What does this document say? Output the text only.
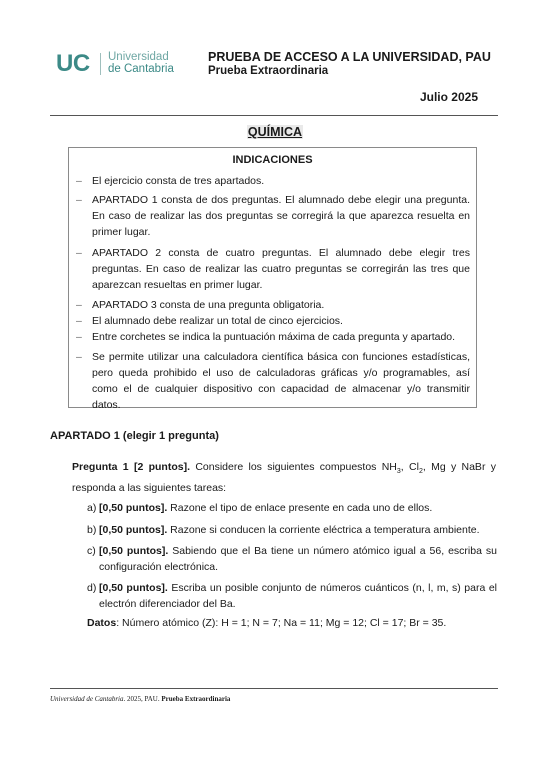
UC Universidad
de Cantabria
PRUEBA DE ACCESO A LA UNIVERSIDAD, PAU
Prueba Extraordinaria
Julio 2025
QUÍMICA
INDICACIONES
– El ejercicio consta de tres apartados.
– APARTADO 1 consta de dos preguntas. El alumnado debe elegir una pregunta. En caso de realizar las dos preguntas se corregirá la que aparezca resuelta en primer lugar.
– APARTADO 2 consta de cuatro preguntas. El alumnado debe elegir tres preguntas. En caso de realizar las cuatro preguntas se corregirán las tres que aparezcan resueltas en primer lugar.
– APARTADO 3 consta de una pregunta obligatoria.
– El alumnado debe realizar un total de cinco ejercicios.
– Entre corchetes se indica la puntuación máxima de cada pregunta y apartado.
– Se permite utilizar una calculadora científica básica con funciones estadísticas, pero queda prohibido el uso de calculadoras gráficas y/o programables, así como el de cualquier dispositivo con capacidad de almacenar y/o transmitir datos.
APARTADO 1 (elegir 1 pregunta)
Pregunta 1 [2 puntos]. Considere los siguientes compuestos $NH_3$, $Cl_2$, Mg y NaBr y responda a las siguientes tareas:
a) [0,50 puntos]. Razone el tipo de enlace presente en cada uno de ellos.
b) [0,50 puntos]. Razone si conducen la corriente eléctrica a temperatura ambiente.
c) [0,50 puntos]. Sabiendo que el Ba tiene un número atómico igual a 56, escriba su configuración electrónica.
d) [0,50 puntos]. Escriba un posible conjunto de números cuánticos (n, l, m, s) para el electrón diferenciador del Ba.
Datos: Número atómico (Z): H = 1; N = 7; Na = 11; Mg = 12; Cl = 17; Br = 35.
Universidad de Cantabria. 2025, PAU. Prueba Extraordinaria
